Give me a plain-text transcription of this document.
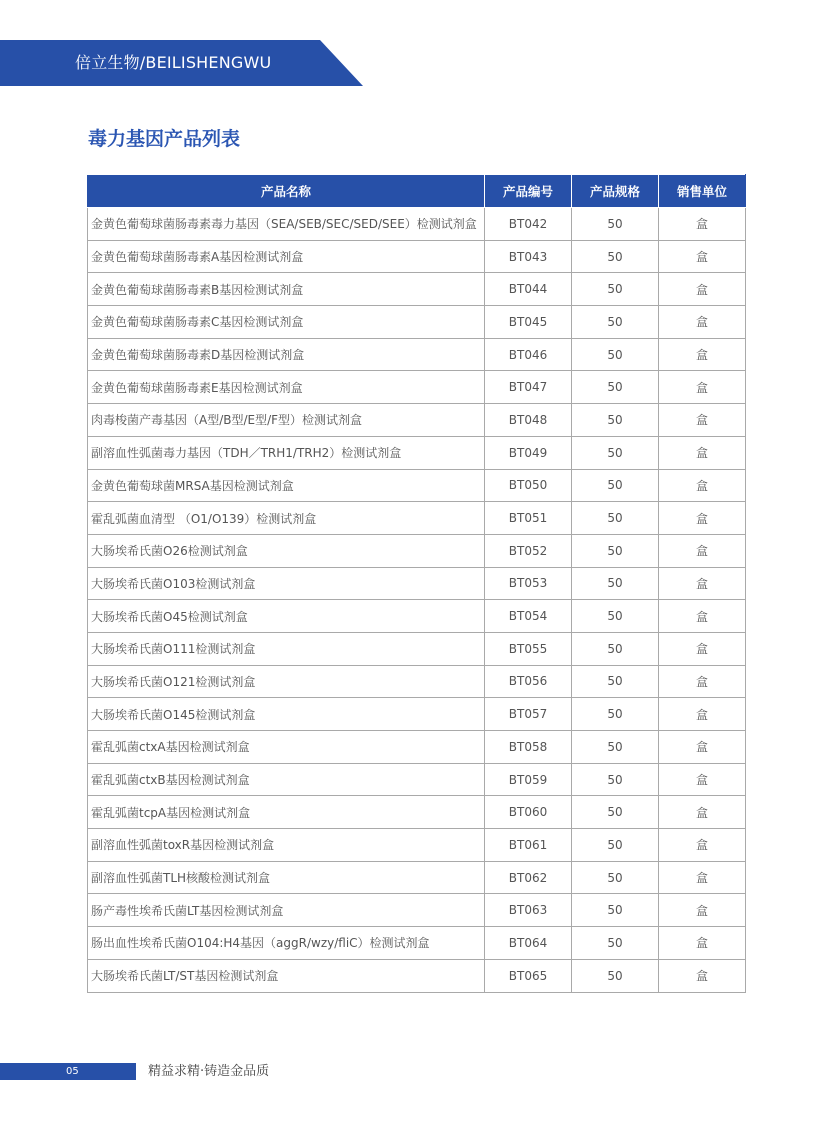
倍立生物/BEILISHENGWU
毒力基因产品列表
产品名称	产品编号	产品规格	销售单位
金黄色葡萄球菌肠毒素毒力基因（SEA/SEB/SEC/SED/SEE）检测试剂盒	BT042	50	盒
金黄色葡萄球菌肠毒素A基因检测试剂盒	BT043	50	盒
金黄色葡萄球菌肠毒素B基因检测试剂盒	BT044	50	盒
金黄色葡萄球菌肠毒素C基因检测试剂盒	BT045	50	盒
金黄色葡萄球菌肠毒素D基因检测试剂盒	BT046	50	盒
金黄色葡萄球菌肠毒素E基因检测试剂盒	BT047	50	盒
肉毒梭菌产毒基因（A型/B型/E型/F型）检测试剂盒	BT048	50	盒
副溶血性弧菌毒力基因（TDH／TRH1/TRH2）检测试剂盒	BT049	50	盒
金黄色葡萄球菌MRSA基因检测试剂盒	BT050	50	盒
霍乱弧菌血清型 （O1/O139）检测试剂盒	BT051	50	盒
大肠埃希氏菌O26检测试剂盒	BT052	50	盒
大肠埃希氏菌O103检测试剂盒	BT053	50	盒
大肠埃希氏菌O45检测试剂盒	BT054	50	盒
大肠埃希氏菌O111检测试剂盒	BT055	50	盒
大肠埃希氏菌O121检测试剂盒	BT056	50	盒
大肠埃希氏菌O145检测试剂盒	BT057	50	盒
霍乱弧菌ctxA基因检测试剂盒	BT058	50	盒
霍乱弧菌ctxB基因检测试剂盒	BT059	50	盒
霍乱弧菌tcpA基因检测试剂盒	BT060	50	盒
副溶血性弧菌toxR基因检测试剂盒	BT061	50	盒
副溶血性弧菌TLH核酸检测试剂盒	BT062	50	盒
肠产毒性埃希氏菌LT基因检测试剂盒	BT063	50	盒
肠出血性埃希氏菌O104:H4基因（aggR/wzy/fliC）检测试剂盒	BT064	50	盒
大肠埃希氏菌LT/ST基因检测试剂盒	BT065	50	盒
05	精益求精·铸造金品质
